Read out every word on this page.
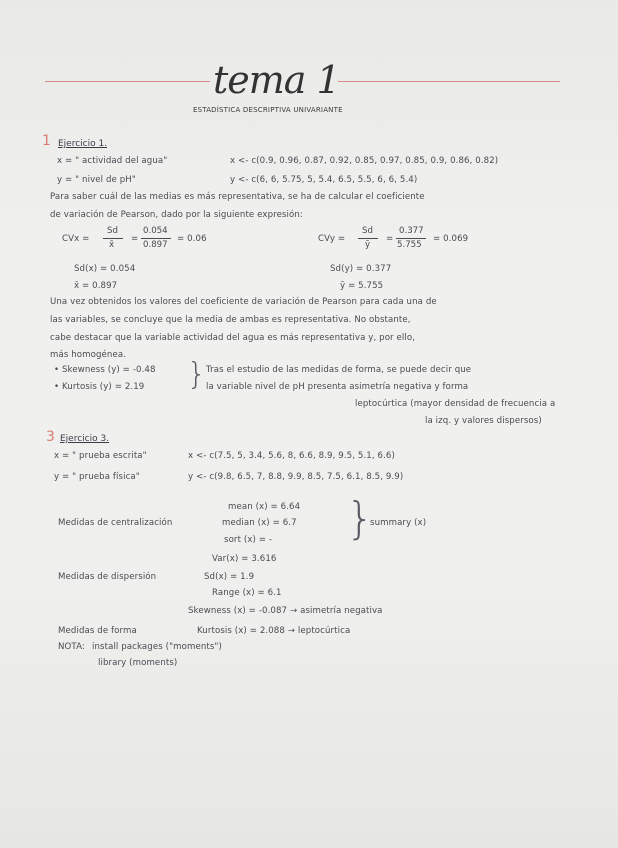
tema 1
ESTADÍSTICA DESCRIPTIVA UNIVARIANTE
1 Ejercicio 1.
x = " actividad del agua"	x <- c(0.9, 0.96, 0.87, 0.92, 0.85, 0.97, 0.85, 0.9, 0.86, 0.82)
y = " nivel de pH"	y <- c(6, 6, 5.75, 5, 5.4, 6.5, 5.5, 6, 6, 5.4)
Para saber cuál de las medias es más representativa, se ha de calcular el coeficiente
de variación de Pearson, dado por la siguiente expresión:
CVx =
Sd
x̄
=
0.054
0.897
= 0.06	CVy =
Sd
ȳ
=
0.377
5.755
= 0.069
Sd(x) = 0.054
x̄ = 0.897
Sd(y) = 0.377
ȳ = 5.755
Una vez obtenidos los valores del coeficiente de variación de Pearson para cada una de
las variables, se concluye que la media de ambas es representativa. No obstante,
cabe destacar que la variable actividad del agua es más representativa y, por ello,
más homogénea.
• Skewness (y) = -0.48
• Kurtosis (y) = 2.19 } Tras el estudio de las medidas de forma, se puede decir que
la variable nivel de pH presenta asimetría negativa y forma
leptocúrtica (mayor densidad de frecuencia a
la izq. y valores dispersos)
3 Ejercicio 3.
x = " prueba escrita"	x <- c(7.5, 5, 3.4, 5.6, 8, 6.6, 8.9, 9.5, 5.1, 6.6)
y = " prueba física"	y <- c(9.8, 6.5, 7, 8.8, 9.9, 8.5, 7.5, 6.1, 8.5, 9.9)
Medidas de centralización
mean (x) = 6.64
median (x) = 6.7
sort (x) = - }
summary (x)
Medidas de dispersión
Var(x) = 3.616
Sd(x) = 1.9
Range (x) = 6.1
Skewness (x) = -0.087 → asimetría negativa
Medidas de forma	Kurtosis (x) = 2.088 → leptocúrtica
NOTA: install packages ("moments")
library (moments)
